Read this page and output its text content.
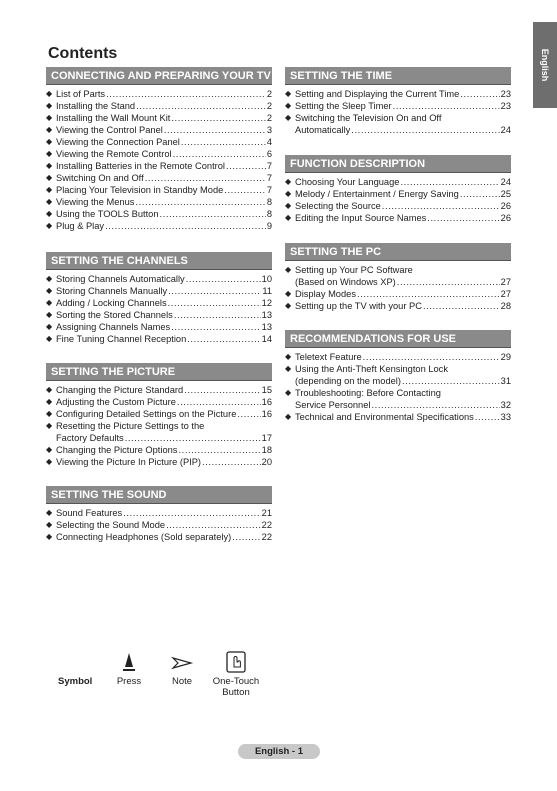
English
Contents
CONNECTING AND PREPARING YOUR TV
◆ List of Parts .....	2
◆ Installing the Stand .....	2
◆ Installing the Wall Mount Kit .....	2
◆ Viewing the Control Panel .....	3
◆ Viewing the Connection Panel .....	4
◆ Viewing the Remote Control .....	6
◆ Installing Batteries in the Remote Control .....	7
◆ Switching On and Off .....	7
◆ Placing Your Television in Standby Mode .....	7
◆ Viewing the Menus .....	8
◆ Using the TOOLS Button .....	8
◆ Plug & Play .....	9
SETTING THE CHANNELS
◆ Storing Channels Automatically .....	10
◆ Storing Channels Manually .....	11
◆ Adding / Locking Channels .....	12
◆ Sorting the Stored Channels .....	13
◆ Assigning Channels Names .....	13
◆ Fine Tuning Channel Reception .....	14
SETTING THE PICTURE
◆ Changing the Picture Standard .....	15
◆ Adjusting the Custom Picture .....	16
◆ Configuring Detailed Settings on the Picture .....	16
◆ Resetting the Picture Settings to the
Factory Defaults .....	17
◆ Changing the Picture Options .....	18
◆ Viewing the Picture In Picture (PIP) .....	20
SETTING THE SOUND
◆ Sound Features .....	21
◆ Selecting the Sound Mode .....	22
◆ Connecting Headphones (Sold separately) .....	22
SETTING THE TIME
◆ Setting and Displaying the Current Time .....	23
◆ Setting the Sleep Timer .....	23
◆ Switching the Television On and Off
Automatically .....	24
FUNCTION DESCRIPTION
◆ Choosing Your Language .....	24
◆ Melody / Entertainment / Energy Saving .....	25
◆ Selecting the Source .....	26
◆ Editing the Input Source Names .....	26
SETTING THE PC
◆ Setting up Your PC Software
(Based on Windows XP) .....	27
◆ Display Modes .....	27
◆ Setting up the TV with your PC .....	28
RECOMMENDATIONS FOR USE
◆ Teletext Feature .....	29
◆ Using the Anti-Theft Kensington Lock
(depending on the model) .....	31
◆ Troubleshooting: Before Contacting
Service Personnel .....	32
◆ Technical and Environmental Specifications .....	33
Symbol	Press	Note	One-Touch
Button
English - 1
